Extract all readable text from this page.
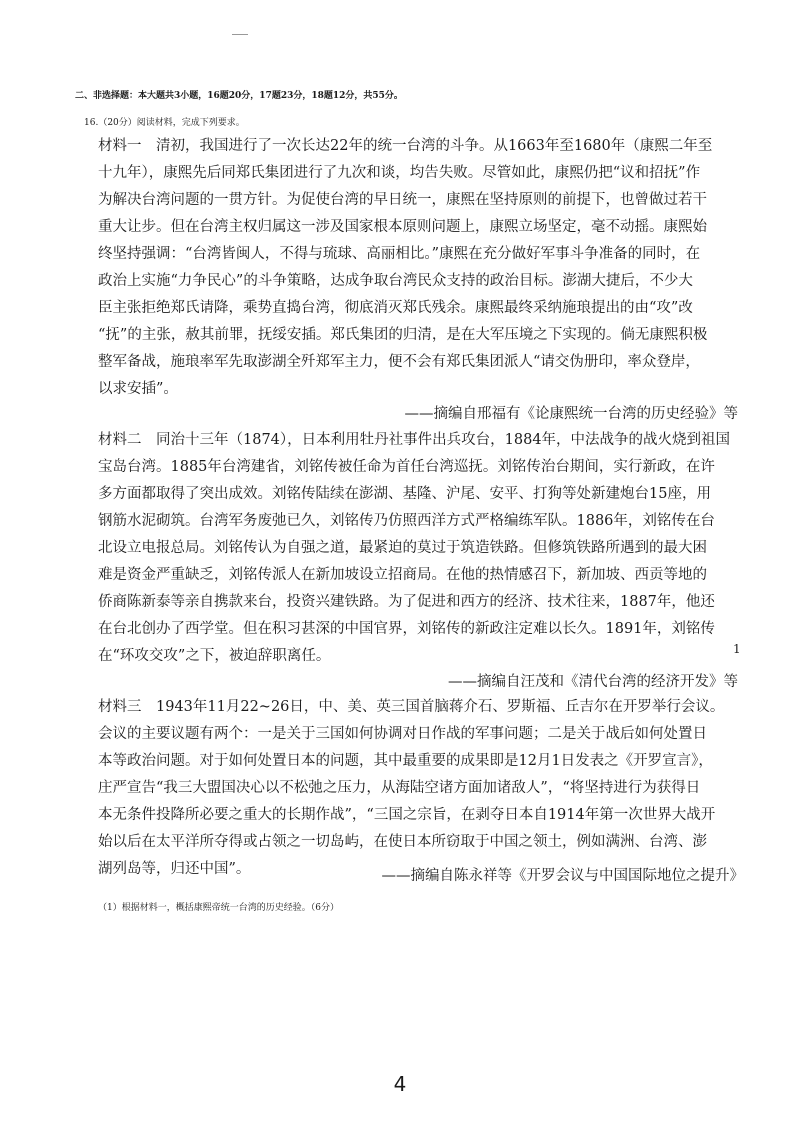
二、非选择题：本大题共3小题，16题20分，17题23分，18题12分，共55分。
16.（20分）阅读材料，完成下列要求。
材料一　清初，我国进行了一次长达22年的统一台湾的斗争。从1663年至1680年（康熙二年至
十九年），康熙先后同郑氏集团进行了九次和谈，均告失败。尽管如此，康熙仍把“议和招抚”作
为解决台湾问题的一贯方针。为促使台湾的早日统一，康熙在坚持原则的前提下，也曾做过若干
重大让步。但在台湾主权归属这一涉及国家根本原则问题上，康熙立场坚定，毫不动摇。康熙始
终坚持强调：“台湾皆闽人，不得与琉球、高丽相比。”康熙在充分做好军事斗争准备的同时，在
政治上实施“力争民心”的斗争策略，达成争取台湾民众支持的政治目标。澎湖大捷后，不少大
臣主张拒绝郑氏请降，乘势直捣台湾，彻底消灭郑氏残余。康熙最终采纳施琅提出的由“攻”改
“抚”的主张，赦其前罪，抚绥安插。郑氏集团的归清，是在大军压境之下实现的。倘无康熙积极
整军备战，施琅率军先取澎湖全歼郑军主力，便不会有郑氏集团派人“请交伪册印，率众登岸，
以求安插”。
——摘编自邢福有《论康熙统一台湾的历史经验》等
材料二　同治十三年（1874），日本利用牡丹社事件出兵攻台，1884年，中法战争的战火烧到祖国
宝岛台湾。1885年台湾建省，刘铭传被任命为首任台湾巡抚。刘铭传治台期间，实行新政，在许
多方面都取得了突出成效。刘铭传陆续在澎湖、基隆、沪尾、安平、打狗等处新建炮台15座，用
钢筋水泥砌筑。台湾军务废弛已久，刘铭传乃仿照西洋方式严格编练军队。1886年，刘铭传在台
北设立电报总局。刘铭传认为自强之道，最紧迫的莫过于筑造铁路。但修筑铁路所遇到的最大困
难是资金严重缺乏，刘铭传派人在新加坡设立招商局。在他的热情感召下，新加坡、西贡等地的
侨商陈新泰等亲自携款来台，投资兴建铁路。为了促进和西方的经济、技术往来，1887年，他还
在台北创办了西学堂。但在积习甚深的中国官界，刘铭传的新政注定难以长久。1891年，刘铭传
在“环攻交攻”之下，被迫辞职离任。	1
——摘编自汪茂和《清代台湾的经济开发》等
材料三　1943年11月22~26日，中、美、英三国首脑蒋介石、罗斯福、丘吉尔在开罗举行会议。
会议的主要议题有两个：一是关于三国如何协调对日作战的军事问题；二是关于战后如何处置日
本等政治问题。对于如何处置日本的问题，其中最重要的成果即是12月1日发表之《开罗宣言》，
庄严宣告“我三大盟国决心以不松弛之压力，从海陆空诸方面加诸敌人”，“将坚持进行为获得日
本无条件投降所必要之重大的长期作战”，“三国之宗旨，在剥夺日本自1914年第一次世界大战开
始以后在太平洋所夺得或占领之一切岛屿，在使日本所窃取于中国之领土，例如满洲、台湾、澎
湖列岛等，归还中国”。	——摘编自陈永祥等《开罗会议与中国国际地位之提升》
（1）根据材料一，概括康熙帝统一台湾的历史经验。（6分）
4
